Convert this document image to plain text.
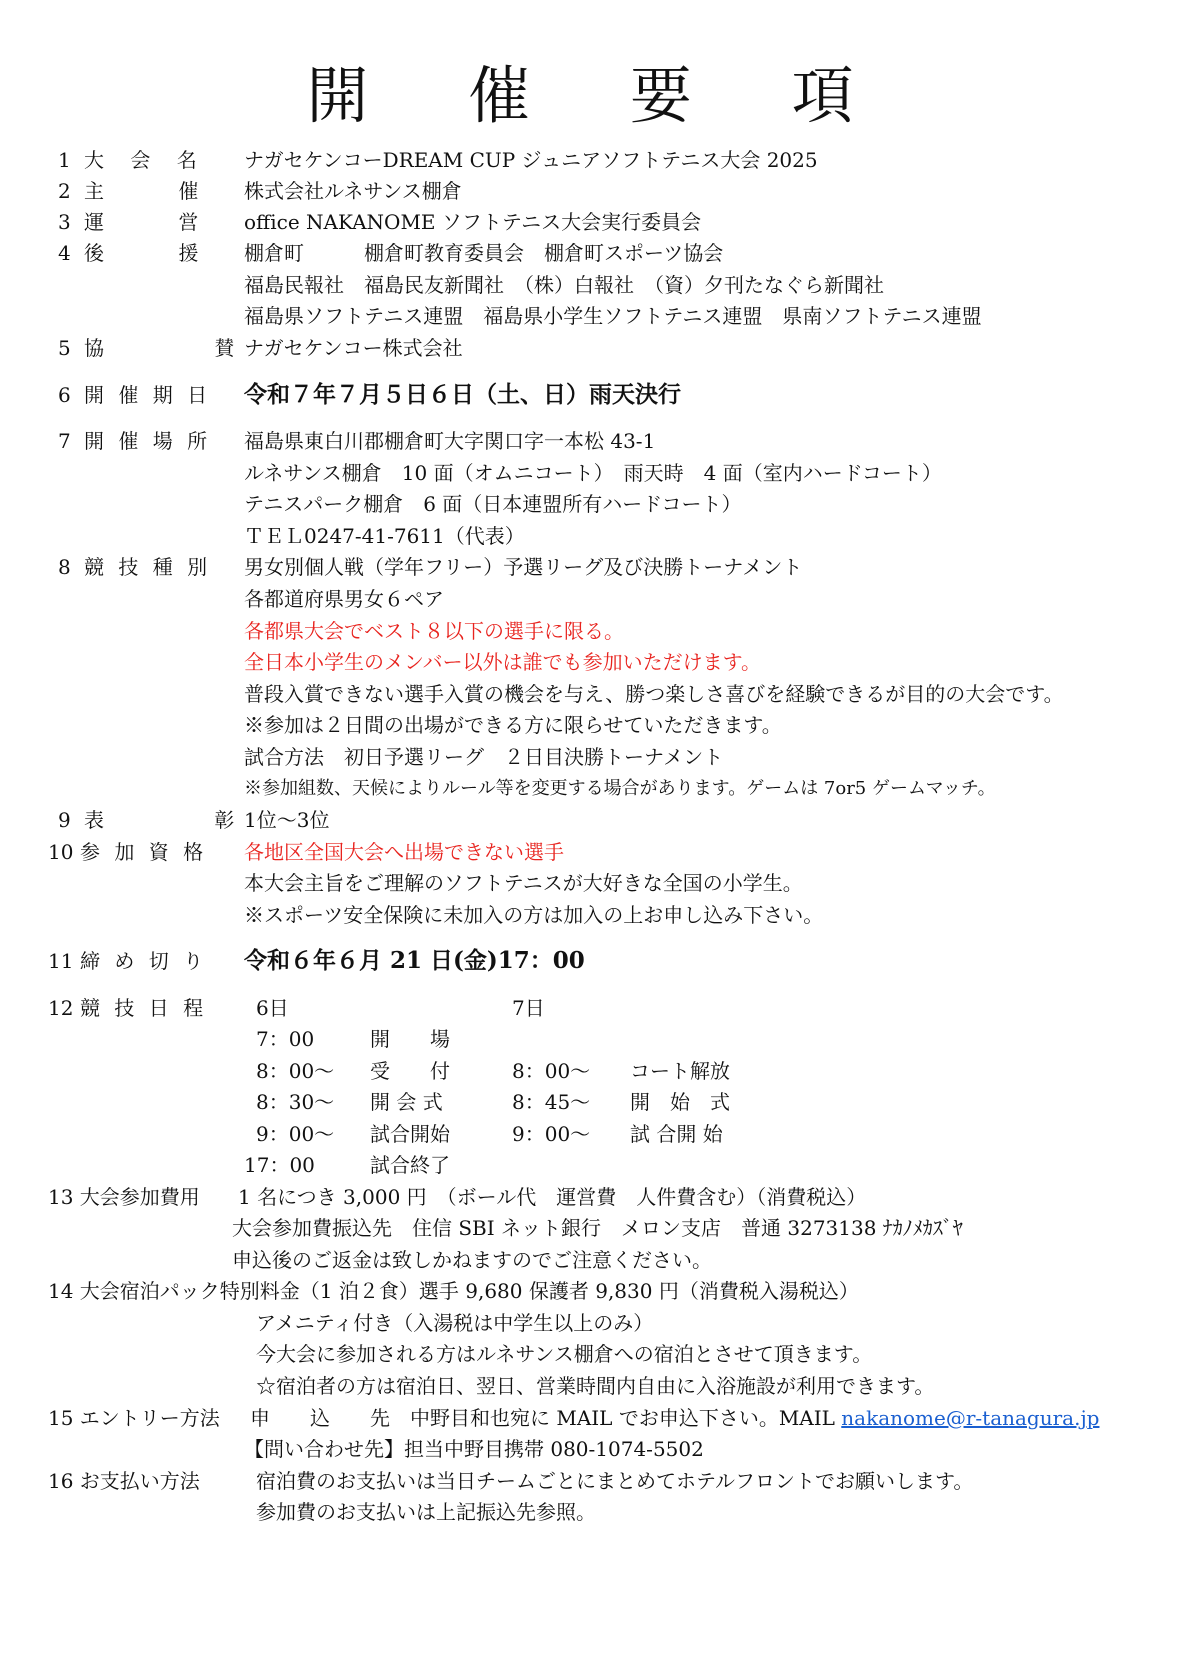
開 催 要 項
1 大 会 名 ナガセケンコーDREAM CUP ジュニアソフトテニス大会 2025
2 主　 催 株式会社ルネサンス棚倉
3 運　 営 office NAKANOME ソフトテニス大会実行委員会
4 後　 援 棚倉町　　　棚倉町教育委員会　棚倉町スポーツ協会
福島民報社　福島民友新聞社　（株）白報社　（資）夕刊たなぐら新聞社
福島県ソフトテニス連盟　福島県小学生ソフトテニス連盟　県南ソフトテニス連盟
5 協　　 賛
ナガセケンコー株式会社
6 開 催 期 日 令和７年７月５日６日（土、日）雨天決行
7 開 催 場 所 福島県東白川郡棚倉町大字関口字一本松 43-1
ルネサンス棚倉　10 面（オムニコート）　雨天時　4 面（室内ハードコート）
テニスパーク棚倉　6 面（日本連盟所有ハードコート）
ＴＥＬ0247-41-7611（代表）
8 競 技 種 別 男女別個人戦（学年フリー）予選リーグ及び決勝トーナメント
各都道府県男女６ペア
各都県大会でベスト８以下の選手に限る。
全日本小学生のメンバー以外は誰でも参加いただけます。
普段入賞できない選手入賞の機会を与え、勝つ楽しさ喜びを経験できるが目的の大会です。
※参加は２日間の出場ができる方に限らせていただきます。
試合方法　初日予選リーグ　２日目決勝トーナメント
※参加組数、天候によりルール等を変更する場合があります。ゲームは 7or5 ゲームマッチ。
9 表　　 彰
1位～3位
10 参 加 資 格 各地区全国大会へ出場できない選手
本大会主旨をご理解のソフトテニスが大好きな全国の小学生。
※スポーツ安全保険に未加入の方は加入の上お申し込み下さい。
11 締 め 切 り 令和６年６月 21 日(金)17：00
12 競 技 日 程 6日	7日
7：00	開　　場
8：00～ 受　　付	8：00～ コート解放
8：30～ 開 会 式	8：45～ 開　始　式
9：00～ 試合開始	9：00～ 試 合開 始
17：00	試合終了
13 大会参加費用 1 名につき 3,000 円　（ボール代　運営費　人件費含む）（消費税込）
大会参加費振込先　住信 SBI ネット銀行　メロン支店　普通 3273138 ﾅｶﾉﾒｶｽﾞﾔ
申込後のご返金は致しかねますのでご注意ください。
14 大会宿泊パック特別料金（1 泊２食）選手 9,680 保護者 9,830 円（消費税入湯税込）
アメニティ付き（入湯税は中学生以上のみ）
今大会に参加される方はルネサンス棚倉への宿泊とさせて頂きます。
☆宿泊者の方は宿泊日、翌日、営業時間内自由に入浴施設が利用できます。
15 エントリー方法 申　　込　　先　中野目和也宛に MAIL でお申込下さい。MAIL nakanome@r-tanagura.jp
【問い合わせ先】担当中野目携帯 080-1074-5502
16 お支払い方法	宿泊費のお支払いは当日チームごとにまとめてホテルフロントでお願いします。
参加費のお支払いは上記振込先参照。
